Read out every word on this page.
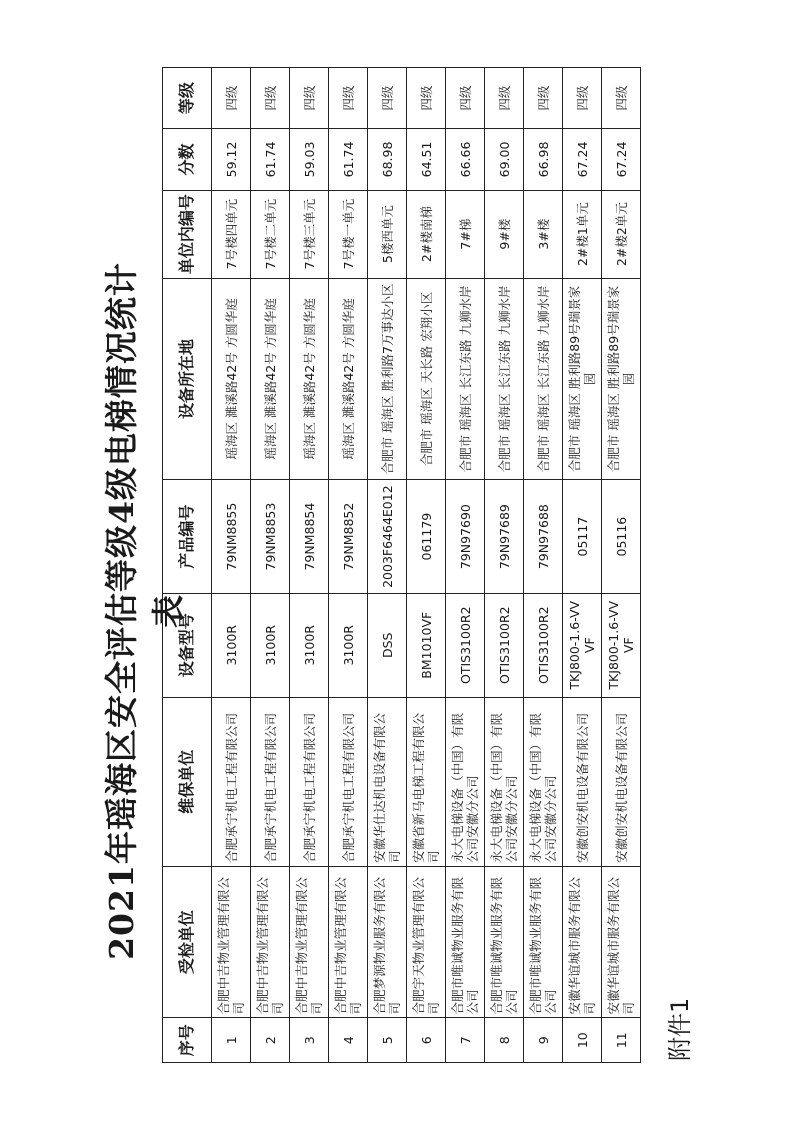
附件1
2021年瑶海区安全评估等级4级电梯情况统计表
序号	受检单位	维保单位	设备型号	产品编号	设备所在地	单位内编号	分数	等级
1	合肥中吉物业管理有限公司	合肥承宁机电工程有限公司	3100R	79NM8855	瑶海区 濉溪路42号 方圆华庭	7号楼四单元	59.12	四级
2	合肥中吉物业管理有限公司	合肥承宁机电工程有限公司	3100R	79NM8853	瑶海区 濉溪路42号 方圆华庭	7号楼二单元	61.74	四级
3	合肥中吉物业管理有限公司	合肥承宁机电工程有限公司	3100R	79NM8854	瑶海区 濉溪路42号 方圆华庭	7号楼三单元	59.03	四级
4	合肥中吉物业管理有限公司	合肥承宁机电工程有限公司	3100R	79NM8852	瑶海区 濉溪路42号 方圆华庭	7号楼一单元	61.74	四级
5	合肥梦源物业服务有限公司	安徽华仕达机电设备有限公司	DSS	2003F6464E012	合肥市 瑶海区 胜利路7万事达小区	5楼西单元	68.98	四级
6	合肥宇天物业管理有限公司	安徽省新马电梯工程有限公司	BM1010VF	061179	合肥市 瑶海区 天长路 宏翔小区	2#楼南梯	64.51	四级
7	合肥市唯诚物业服务有限公司	永大电梯设备（中国）有限公司安徽分公司	OTIS3100R2	79N97690	合肥市 瑶海区 长江东路 九狮水岸	7#梯	66.66	四级
8	合肥市唯诚物业服务有限公司	永大电梯设备（中国）有限公司安徽分公司	OTIS3100R2	79N97689	合肥市 瑶海区 长江东路 九狮水岸	9#楼	69.00	四级
9	合肥市唯诚物业服务有限公司	永大电梯设备（中国）有限公司安徽分公司	OTIS3100R2	79N97688	合肥市 瑶海区 长江东路 九狮水岸	3#楼	66.98	四级
10	安徽华谊城市服务有限公司	安徽创安机电设备有限公司	TKJ800-1.6-VVVF	05117	合肥市 瑶海区 胜利路89号瑞景家园	2#楼1单元	67.24	四级
11	安徽华谊城市服务有限公司	安徽创安机电设备有限公司	TKJ800-1.6-VVVF	05116	合肥市 瑶海区 胜利路89号瑞景家园	2#楼2单元	67.24	四级
